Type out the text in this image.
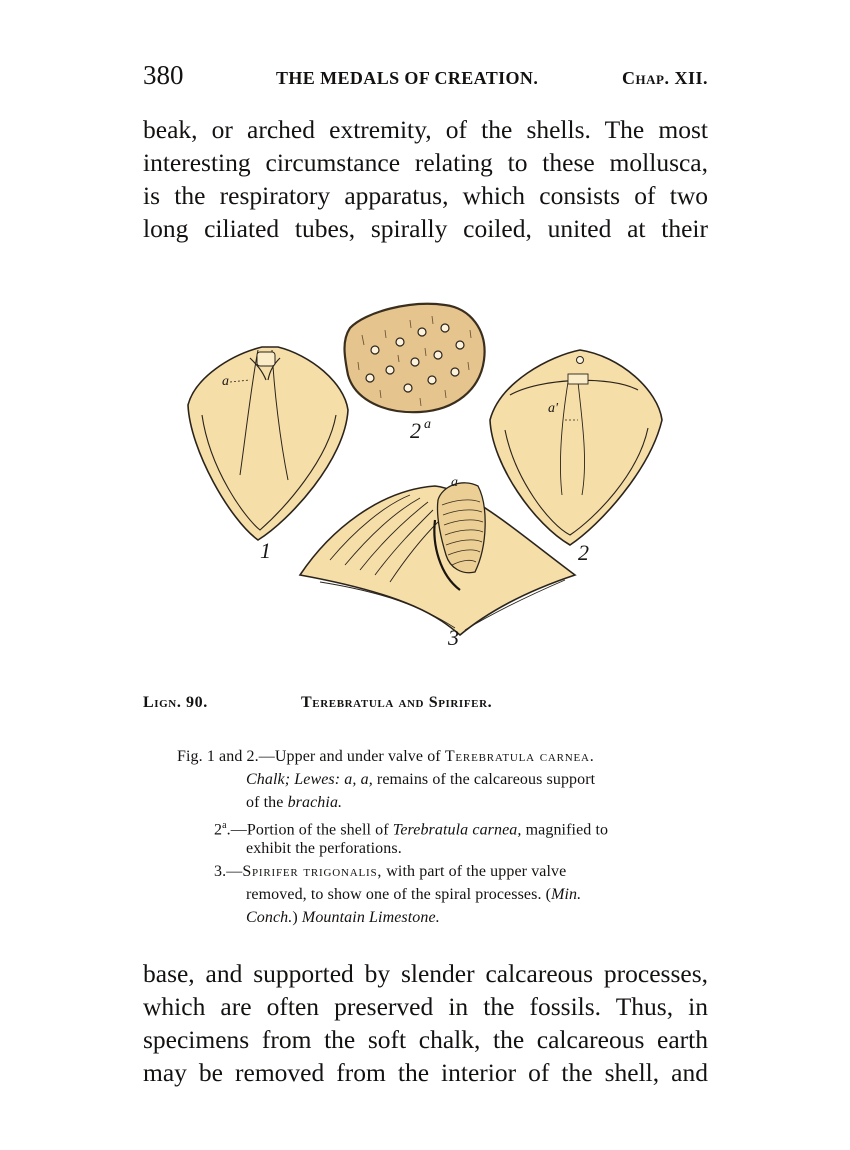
380	THE MEDALS OF CREATION.	Chap. XII.

beak, or arched extremity, of the shells. The most
interesting circumstance relating to these mollusca,
is the respiratory apparatus, which consists of two
long ciliated tubes, spirally coiled, united at their

a
2 a
a'
a
1	2
3
Lign. 90.	Terebratula and Spirifer.
Fig. 1 and 2.—Upper and under valve of Terebratula carnea.
Chalk; Lewes: a, a, remains of the calcareous support
of the brachia.
2$^a$.—Portion of the shell of Terebratula carnea, magnified to
exhibit the perforations.
3.—Spirifer trigonalis, with part of the upper valve
removed, to show one of the spiral processes. (Min.
Conch.) Mountain Limestone.

base, and supported by slender calcareous processes,
which are often preserved in the fossils. Thus, in
specimens from the soft chalk, the calcareous earth
may be removed from the interior of the shell, and
